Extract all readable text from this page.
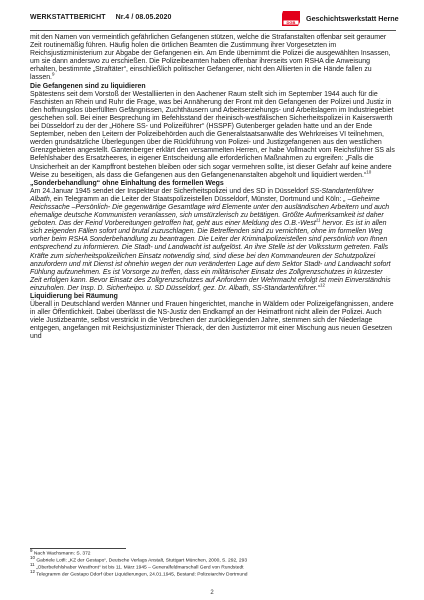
WERKSTATTBERICHT Nr.4 / 08.05.2020
DGB Geschichtswerkstatt Herne

mit den Namen von vermeintlich gefährlichen Gefangenen stützen, welche die Strafanstalten offenbar seit geraumer Zeit routinemäßig führen. Häufig holen die örtlichen Beamten die Zustimmung ihrer Vorgesetzten im Reichsjustizministerium zur Abgabe der Gefangenen ein. Am Ende übernimmt die Polizei die ausgewählten Insassen, um sie dann anderswo zu erschießen. Die Polizeibeamten haben offenbar ihrerseits vom RSHA die Anweisung erhalten, bestimmte „Straftäter“, einschließlich politischer Gefangener, nicht den Alliierten in die Hände fallen zu lassen.$^9$

Die Gefangenen sind zu liquidieren

Spätestens seit dem Vorstoß der Westalliierten in den Aachener Raum stellt sich im September 1944 auch für die Faschisten an Rhein und Ruhr die Frage, was bei Annäherung der Front mit den Gefangenen der Polizei und Justiz in den hoffnungslos überfüllten Gefängnissen, Zuchthäusern und Arbeitserziehungs- und Arbeitslagern im Industriegebiet geschehen soll. Bei einer Besprechung im Befehlsstand der rheinisch-westfälischen Sicherheitspolizei in Kaiserswerth bei Düsseldorf zu der der „Höhere SS- und Polizeiführer“ (HSSPF) Gutenberger geladen hatte und an der Ende September, neben den Leitern der Polizeibehörden auch die Generalstaatsanwälte des Wehrkreises VI teilnehmen, werden grundsätzliche Überlegungen über die Rückführung von Polizei- und Justizgefangenen aus den westlichen Grenzgebieten angestellt. Gantenberger erklärt den versammelten Herren, er habe Vollmacht vom Reichsführer SS als Befehlshaber des Ersatzheeres, in eigener Entscheidung alle erforderlichen Maßnahmen zu ergreifen: „Falls die Unsicherheit an der Kampffront bestehen bleiben oder sich sogar vermehren sollte, ist dieser Gefahr auf keine andere Weise zu beseitigen, als dass die Gefangenen aus den Gefangenenanstalten abgeholt und liquidiert werden.“$^{10}$

„Sonderbehandlung“ ohne Einhaltung des formellen Wegs

Am 24.Januar 1945 sendet der Inspekteur der Sicherheitspolizei und des SD in Düsseldorf SS-Standartenführer Albath, ein Telegramm an die Leiter der Staatspolizeistellen Düsseldorf, Münster, Dortmund und Köln: „ –Geheime Reichssache –Persönlich- Die gegenwärtige Gesamtlage wird Elemente unter den ausländischen Arbeitern und auch ehemalige deutsche Kommunisten veranlassen, sich umstürzlerisch zu betätigen. Größte Aufmerksamkeit ist daher geboten. Das der Feind Vorbereitungen getroffen hat, geht aus einer Meldung des O.B.-West$^{11}$ hervor. Es ist in allen sich zeigenden Fällen sofort und brutal zuzuschlagen. Die Betreffenden sind zu vernichten, ohne im formellen Weg vorher beim RSHA Sonderbehandlung zu beantragen. Die Leiter der Kriminalpolizeistellen sind persönlich von Ihnen entsprechend zu informieren. Die Stadt- und Landwacht ist aufgelöst. An ihre Stelle ist der Volkssturm getreten. Falls Kräfte zum sicherheitspolizeilichen Einsatz notwendig sind, sind diese bei den Kommandeuren der Schutzpolizei anzufordern und mit Dienst ist ohnehin wegen der nun veränderten Lage auf dem Sektor Stadt- und Landwacht sofort Fühlung aufzunehmen. Es ist Vorsorge zu treffen, dass ein militärischer Einsatz des Zollgrenzschutzes in kürzester Zeit erfolgen kann. Bevor Einsatz des Zollgrenzschutzes auf Anfordern der Wehrmacht erfolgt ist mein Einverständnis einzuholen. Der Insp. D. Sicherheipo. u. SD Düsseldorf, gez. Dr. Albath, SS-Standartenführer.“$^{12}$

Liquidierung bei Räumung

Überall in Deutschland werden Männer und Frauen hingerichtet, manche in Wäldern oder Polizeigefängnissen, andere in aller Öffentlichkeit. Dabei überlässt die NS-Justiz den Endkampf an der Heimatfront nicht allein der Polizei. Auch viele Justizbeamte, selbst verstrickt in die Verbrechen der zurückliegenden Jahre, stemmen sich der Niederlage entgegen, angefangen mit Reichsjustizminister Thierack, der den Justizterror mit einer Mischung aus neuen Gesetzen und

$^9$ Nach Wachsmann: S. 372
$^{10}$ Gabriele Lotfi: „KZ der Gestapo“, Deutsche Verlags Anstalt, Stuttgart München, 2000, S. 292, 293
$^{11}$ „Oberbefehlshaber Westfront“ ist bis 11. März 1945 – Generalfeldmarschall Gerd von Rundstedt
$^{12}$ Telegramm der Gestapo Ddorf über Liquidierungen, 24.01.1945, Bestand: Polizeiarchiv Dortmund
2
